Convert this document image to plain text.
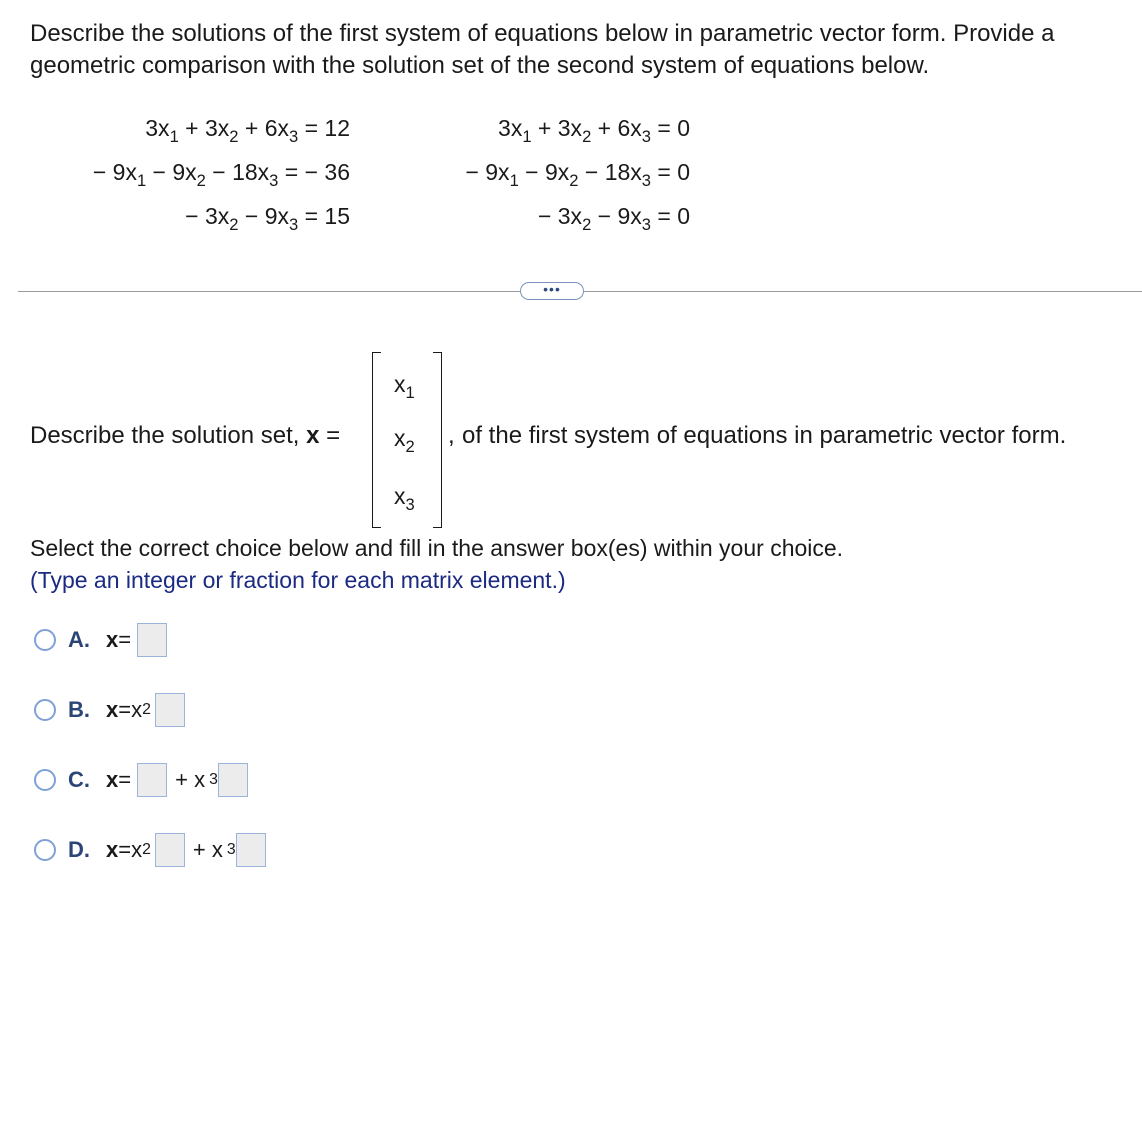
Describe the solutions of the first system of equations below in parametric vector form. Provide a geometric comparison with the solution set of the second system of equations below.
$3x_1 + 3x_2 + 6x_3 = 12$
− $9x_1 - 9x_2 - 18x_3$ = − 36
− $3x_2 - 9x_3 = 15$
$3x_1 + 3x_2 + 6x_3 = 0$
− $9x_1 - 9x_2 - 18x_3 = 0$
− $3x_2 - 9x_3 = 0$
•••
Describe the solution set, x =
$x_1$
$x_2$
$x_3$
, of the first system of equations in parametric vector form.
Select the correct choice below and fill in the answer box(es) within your choice.
(Type an integer or fraction for each matrix element.)
A. x =
B. x = x 2
C. x = + x 3
D. x = x 2 + x 3
